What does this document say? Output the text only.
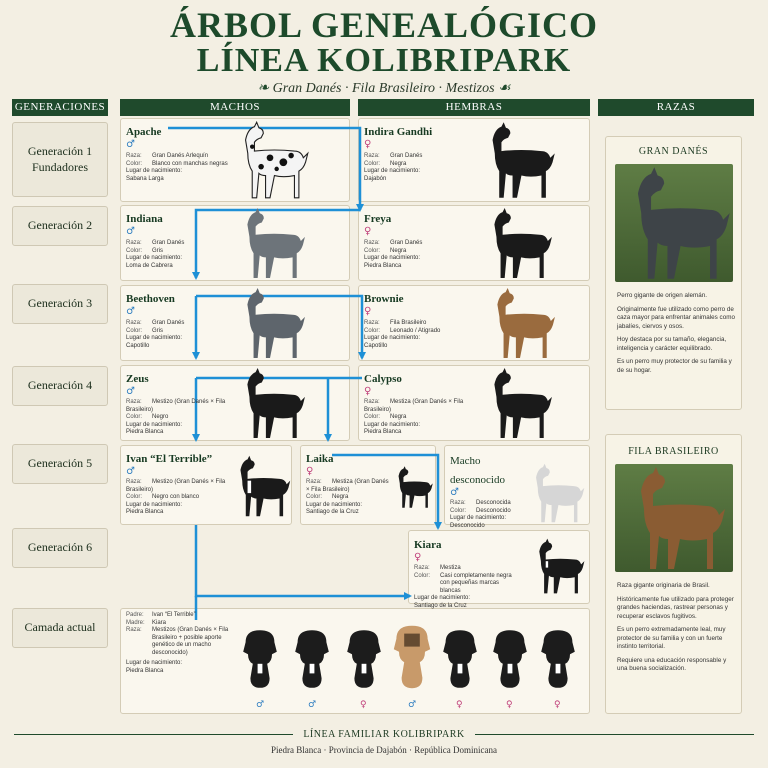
ÁRBOL GENEALÓGICO
LÍNEA KOLIBRIPARK
❧ Gran Danés · Fila Brasileiro · Mestizos ☙
GENERACIONES	MACHOS	HEMBRAS	RAZAS
Generación 1
Fundadores
Generación 2
Generación 3
Generación 4
Generación 5
Generación 6
Camada actual
Apache
♂
Raza: Gran Danés Arlequín
Color: Blanco con manchas negras
Lugar de nacimiento:
Sabana Larga
Indira Gandhi
♀
Raza: Gran Danés
Color: Negra
Lugar de nacimiento:
Dajabón
Indiana
♂
Raza: Gran Danés
Color: Gris
Lugar de nacimiento:
Loma de Cabrera
Freya
♀
Raza: Gran Danés
Color: Negra
Lugar de nacimiento:
Piedra Blanca
Beethoven
♂
Raza: Gran Danés
Color: Gris
Lugar de nacimiento:
Capotillo
Brownie
♀
Raza: Fila Brasileiro
Color: Leonado / Atigrado
Lugar de nacimiento:
Capotillo
Zeus
♂
Raza: Mestizo (Gran Danés × Fila Brasileiro)
Color: Negro
Lugar de nacimiento:
Piedra Blanca
Calypso
♀
Raza: Mestiza (Gran Danés × Fila Brasileiro)
Color: Negra
Lugar de nacimiento:
Piedra Blanca
Ivan “El Terrible”
♂
Raza: Mestizo (Gran Danés × Fila Brasileiro)
Color: Negro con blanco
Lugar de nacimiento:
Piedra Blanca
Laika
♀
Raza: Mestiza (Gran Danés × Fila Brasileiro)
Color: Negra
Lugar de nacimiento:
Santiago de la Cruz
Macho desconocido
♂
Raza: Desconocida
Color: Desconocido
Lugar de nacimiento:
Desconocido
Kiara
♀
Raza: Mestiza
Color:	Casi completamente negra con pequeñas marcas blancas
Lugar de nacimiento:
Santiago de la Cruz
Padre: Ivan “El Terrible”
Madre: Kiara
Raza:	Mestizos (Gran Danés × Fila Brasileiro + posible aporte genético de un macho desconocido)
Lugar de nacimiento:
Piedra Blanca
♂	♂	♀	♂	♀	♀	♀
GRAN DANÉS
Perro gigante de origen alemán.
Originalmente fue utilizado como perro de caza mayor para enfrentar animales como jabalíes, ciervos y osos.
Hoy destaca por su tamaño, elegancia, inteligencia y carácter equilibrado.
Es un perro muy protector de su familia y de su hogar.
FILA BRASILEIRO
Raza gigante originaria de Brasil.
Históricamente fue utilizado para proteger grandes haciendas, rastrear personas y recuperar esclavos fugitivos.
Es un perro extremadamente leal, muy protector de su familia y con un fuerte instinto territorial.
Requiere una educación responsable y una buena socialización.
LÍNEA FAMILIAR KOLIBRIPARK
Piedra Blanca · Provincia de Dajabón · República Dominicana
